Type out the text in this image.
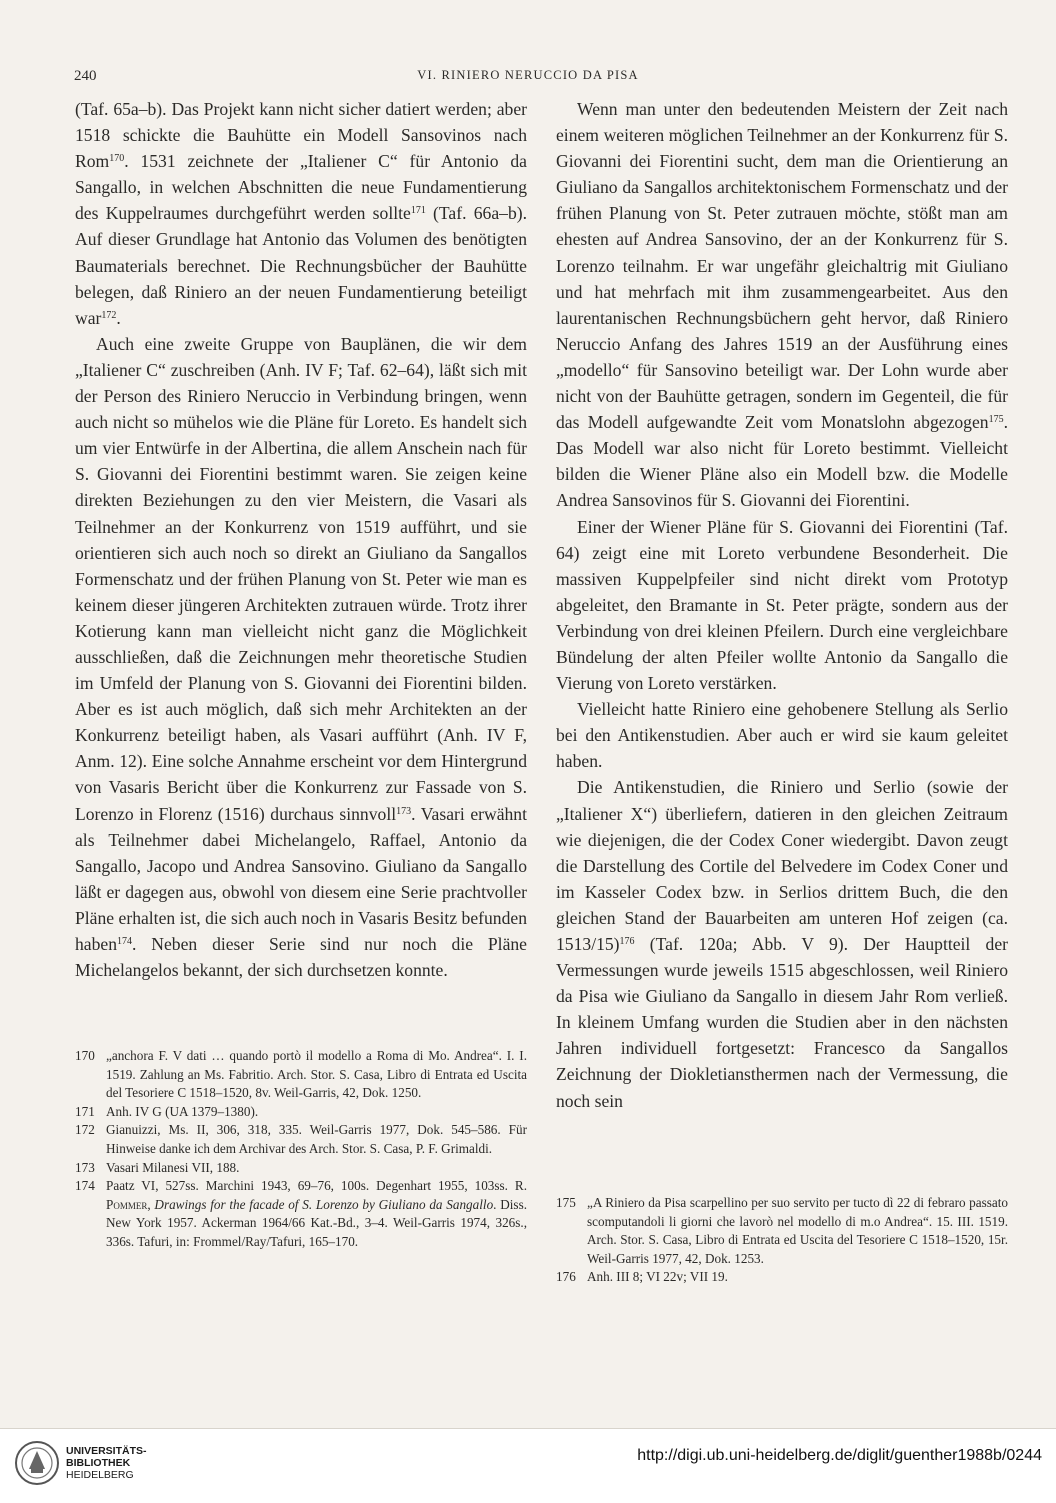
240	VI. RINIERO NERUCCIO DA PISA

(Taf. 65a–b). Das Projekt kann nicht sicher datiert werden; aber 1518 schickte die Bauhütte ein Modell Sansovinos nach Rom$^{170}$. 1531 zeichnete der „Italiener C“ für Antonio da Sangallo, in welchen Abschnitten die neue Fundamentierung des Kuppelraumes durchgeführt werden sollte$^{171}$ (Taf. 66a–b). Auf dieser Grundlage hat Antonio das Volumen des benötigten Baumaterials berechnet. Die Rechnungsbücher der Bauhütte belegen, daß Riniero an der neuen Fundamentierung beteiligt war$^{172}$.

Auch eine zweite Gruppe von Bauplänen, die wir dem „Italiener C“ zuschreiben (Anh. IV F; Taf. 62–64), läßt sich mit der Person des Riniero Neruccio in Verbindung bringen, wenn auch nicht so mühelos wie die Pläne für Loreto. Es handelt sich um vier Entwürfe in der Albertina, die allem Anschein nach für S. Giovanni dei Fiorentini bestimmt waren. Sie zeigen keine direkten Beziehungen zu den vier Meistern, die Vasari als Teilnehmer an der Konkurrenz von 1519 aufführt, und sie orientieren sich auch noch so direkt an Giuliano da Sangallos Formenschatz und der frühen Planung von St. Peter wie man es keinem dieser jüngeren Architekten zutrauen würde. Trotz ihrer Kotierung kann man vielleicht nicht ganz die Möglichkeit ausschließen, daß die Zeichnungen mehr theoretische Studien im Umfeld der Planung von S. Giovanni dei Fiorentini bilden. Aber es ist auch möglich, daß sich mehr Architekten an der Konkurrenz beteiligt haben, als Vasari aufführt (Anh. IV F, Anm. 12). Eine solche Annahme erscheint vor dem Hintergrund von Vasaris Bericht über die Konkurrenz zur Fassade von S. Lorenzo in Florenz (1516) durchaus sinnvoll$^{173}$. Vasari erwähnt als Teilnehmer dabei Michelangelo, Raffael, Antonio da Sangallo, Jacopo und Andrea Sansovino. Giuliano da Sangallo läßt er dagegen aus, obwohl von diesem eine Serie prachtvoller Pläne erhalten ist, die sich auch noch in Vasaris Besitz befunden haben$^{174}$. Neben dieser Serie sind nur noch die Pläne Michelangelos bekannt, der sich durchsetzen konnte.

Wenn man unter den bedeutenden Meistern der Zeit nach einem weiteren möglichen Teilnehmer an der Konkurrenz für S. Giovanni dei Fiorentini sucht, dem man die Orientierung an Giuliano da Sangallos architektonischem Formenschatz und der frühen Planung von St. Peter zutrauen möchte, stößt man am ehesten auf Andrea Sansovino, der an der Konkurrenz für S. Lorenzo teilnahm. Er war ungefähr gleichaltrig mit Giuliano und hat mehrfach mit ihm zusammengearbeitet. Aus den laurentanischen Rechnungsbüchern geht hervor, daß Riniero Neruccio Anfang des Jahres 1519 an der Ausführung eines „modello“ für Sansovino beteiligt war. Der Lohn wurde aber nicht von der Bauhütte getragen, sondern im Gegenteil, die für das Modell aufgewandte Zeit vom Monatslohn abgezogen$^{175}$. Das Modell war also nicht für Loreto bestimmt. Vielleicht bilden die Wiener Pläne also ein Modell bzw. die Modelle Andrea Sansovinos für S. Giovanni dei Fiorentini.

Einer der Wiener Pläne für S. Giovanni dei Fiorentini (Taf. 64) zeigt eine mit Loreto verbundene Besonderheit. Die massiven Kuppelpfeiler sind nicht direkt vom Prototyp abgeleitet, den Bramante in St. Peter prägte, sondern aus der Verbindung von drei kleinen Pfeilern. Durch eine vergleichbare Bündelung der alten Pfeiler wollte Antonio da Sangallo die Vierung von Loreto verstärken.

Vielleicht hatte Riniero eine gehobenere Stellung als Serlio bei den Antikenstudien. Aber auch er wird sie kaum geleitet haben.

Die Antikenstudien, die Riniero und Serlio (sowie der „Italiener X“) überliefern, datieren in den gleichen Zeitraum wie diejenigen, die der Codex Coner wiedergibt. Davon zeugt die Darstellung des Cortile del Belvedere im Codex Coner und im Kasseler Codex bzw. in Serlios drittem Buch, die den gleichen Stand der Bauarbeiten am unteren Hof zeigen (ca. 1513/15)$^{176}$ (Taf. 120a; Abb. V 9). Der Hauptteil der Vermessungen wurde jeweils 1515 abgeschlossen, weil Riniero da Pisa wie Giuliano da Sangallo in diesem Jahr Rom verließ. In kleinem Umfang wurden die Studien aber in den nächsten Jahren individuell fortgesetzt: Francesco da Sangallos Zeichnung der Diokletiansthermen nach der Vermessung, die noch sein

170 „anchora F. V dati … quando portò il modello a Roma di Mo. Andrea“. I. I. 1519. Zahlung an Ms. Fabritio. Arch. Stor. S. Casa, Libro di Entrata ed Uscita del Tesoriere C 1518–1520, 8v. Weil-Garris, 42, Dok. 1250.
171 Anh. IV G (UA 1379–1380).
172 Gianuizzi, Ms. II, 306, 318, 335. Weil-Garris 1977, Dok. 545–586. Für Hinweise danke ich dem Archivar des Arch. Stor. S. Casa, P. F. Grimaldi.
173 Vasari Milanesi VII, 188.
174 Paatz VI, 527ss. Marchini 1943, 69–76, 100s. Degenhart 1955, 103ss. R. Pommer, Drawings for the facade of S. Lorenzo by Giuliano da Sangallo. Diss. New York 1957. Ackerman 1964/66 Kat.-Bd., 3–4. Weil-Garris 1974, 326s., 336s. Tafuri, in: Frommel/Ray/Tafuri, 165–170.
175 „A Riniero da Pisa scarpellino per suo servito per tucto dì 22 di febraro passato scomputandoli li giorni che lavorò nel modello di m.o Andrea“. 15. III. 1519. Arch. Stor. S. Casa, Libro di Entrata ed Uscita del Tesoriere C 1518–1520, 15r. Weil-Garris 1977, 42, Dok. 1253.
176 Anh. III 8; VI 22v; VII 19.
UNIVERSITÄTS-
BIBLIOTHEK
HEIDELBERG
http://digi.ub.uni-heidelberg.de/diglit/guenther1988b/0244
